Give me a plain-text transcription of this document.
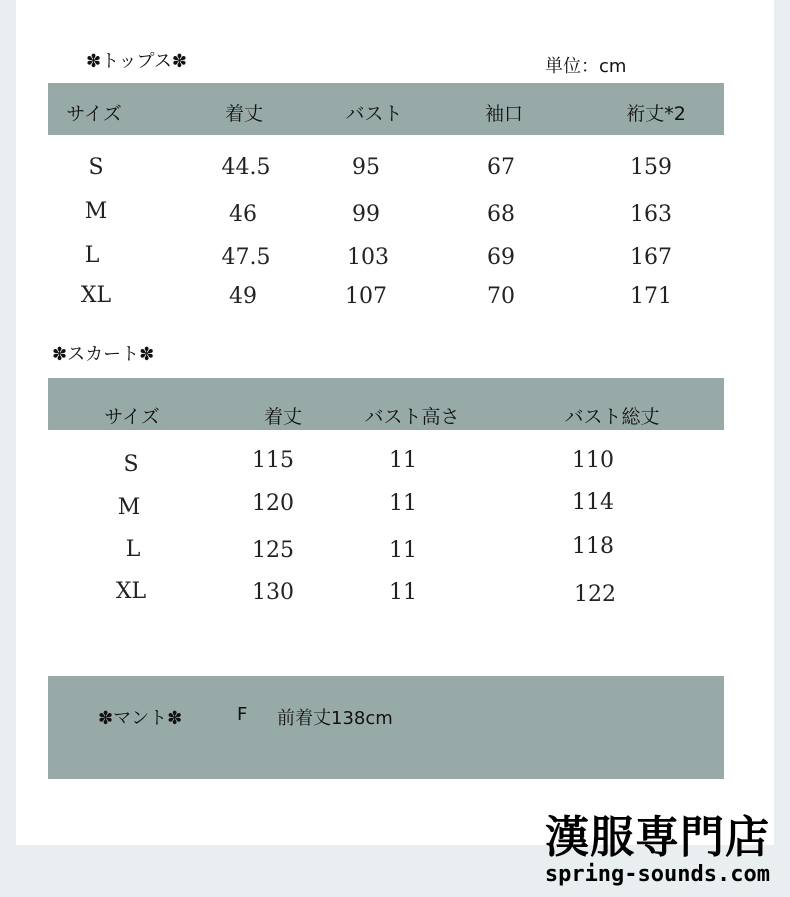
✽トップス✽	単位：cm
サイズ	着丈	バスト	袖口	裄丈*2
S	44.5	95	67	159
M	46	99	68	163
L	47.5	103	69	167
XL	49	107	70	171
✽スカート✽
サイズ	着丈	バスト高さ	バスト総丈
S	115	11	110
M	120	11	114
L	125	11	118
XL	130	11	122
✽マント✽	F 前着丈138cm
漢服専門店
spring-sounds.com
